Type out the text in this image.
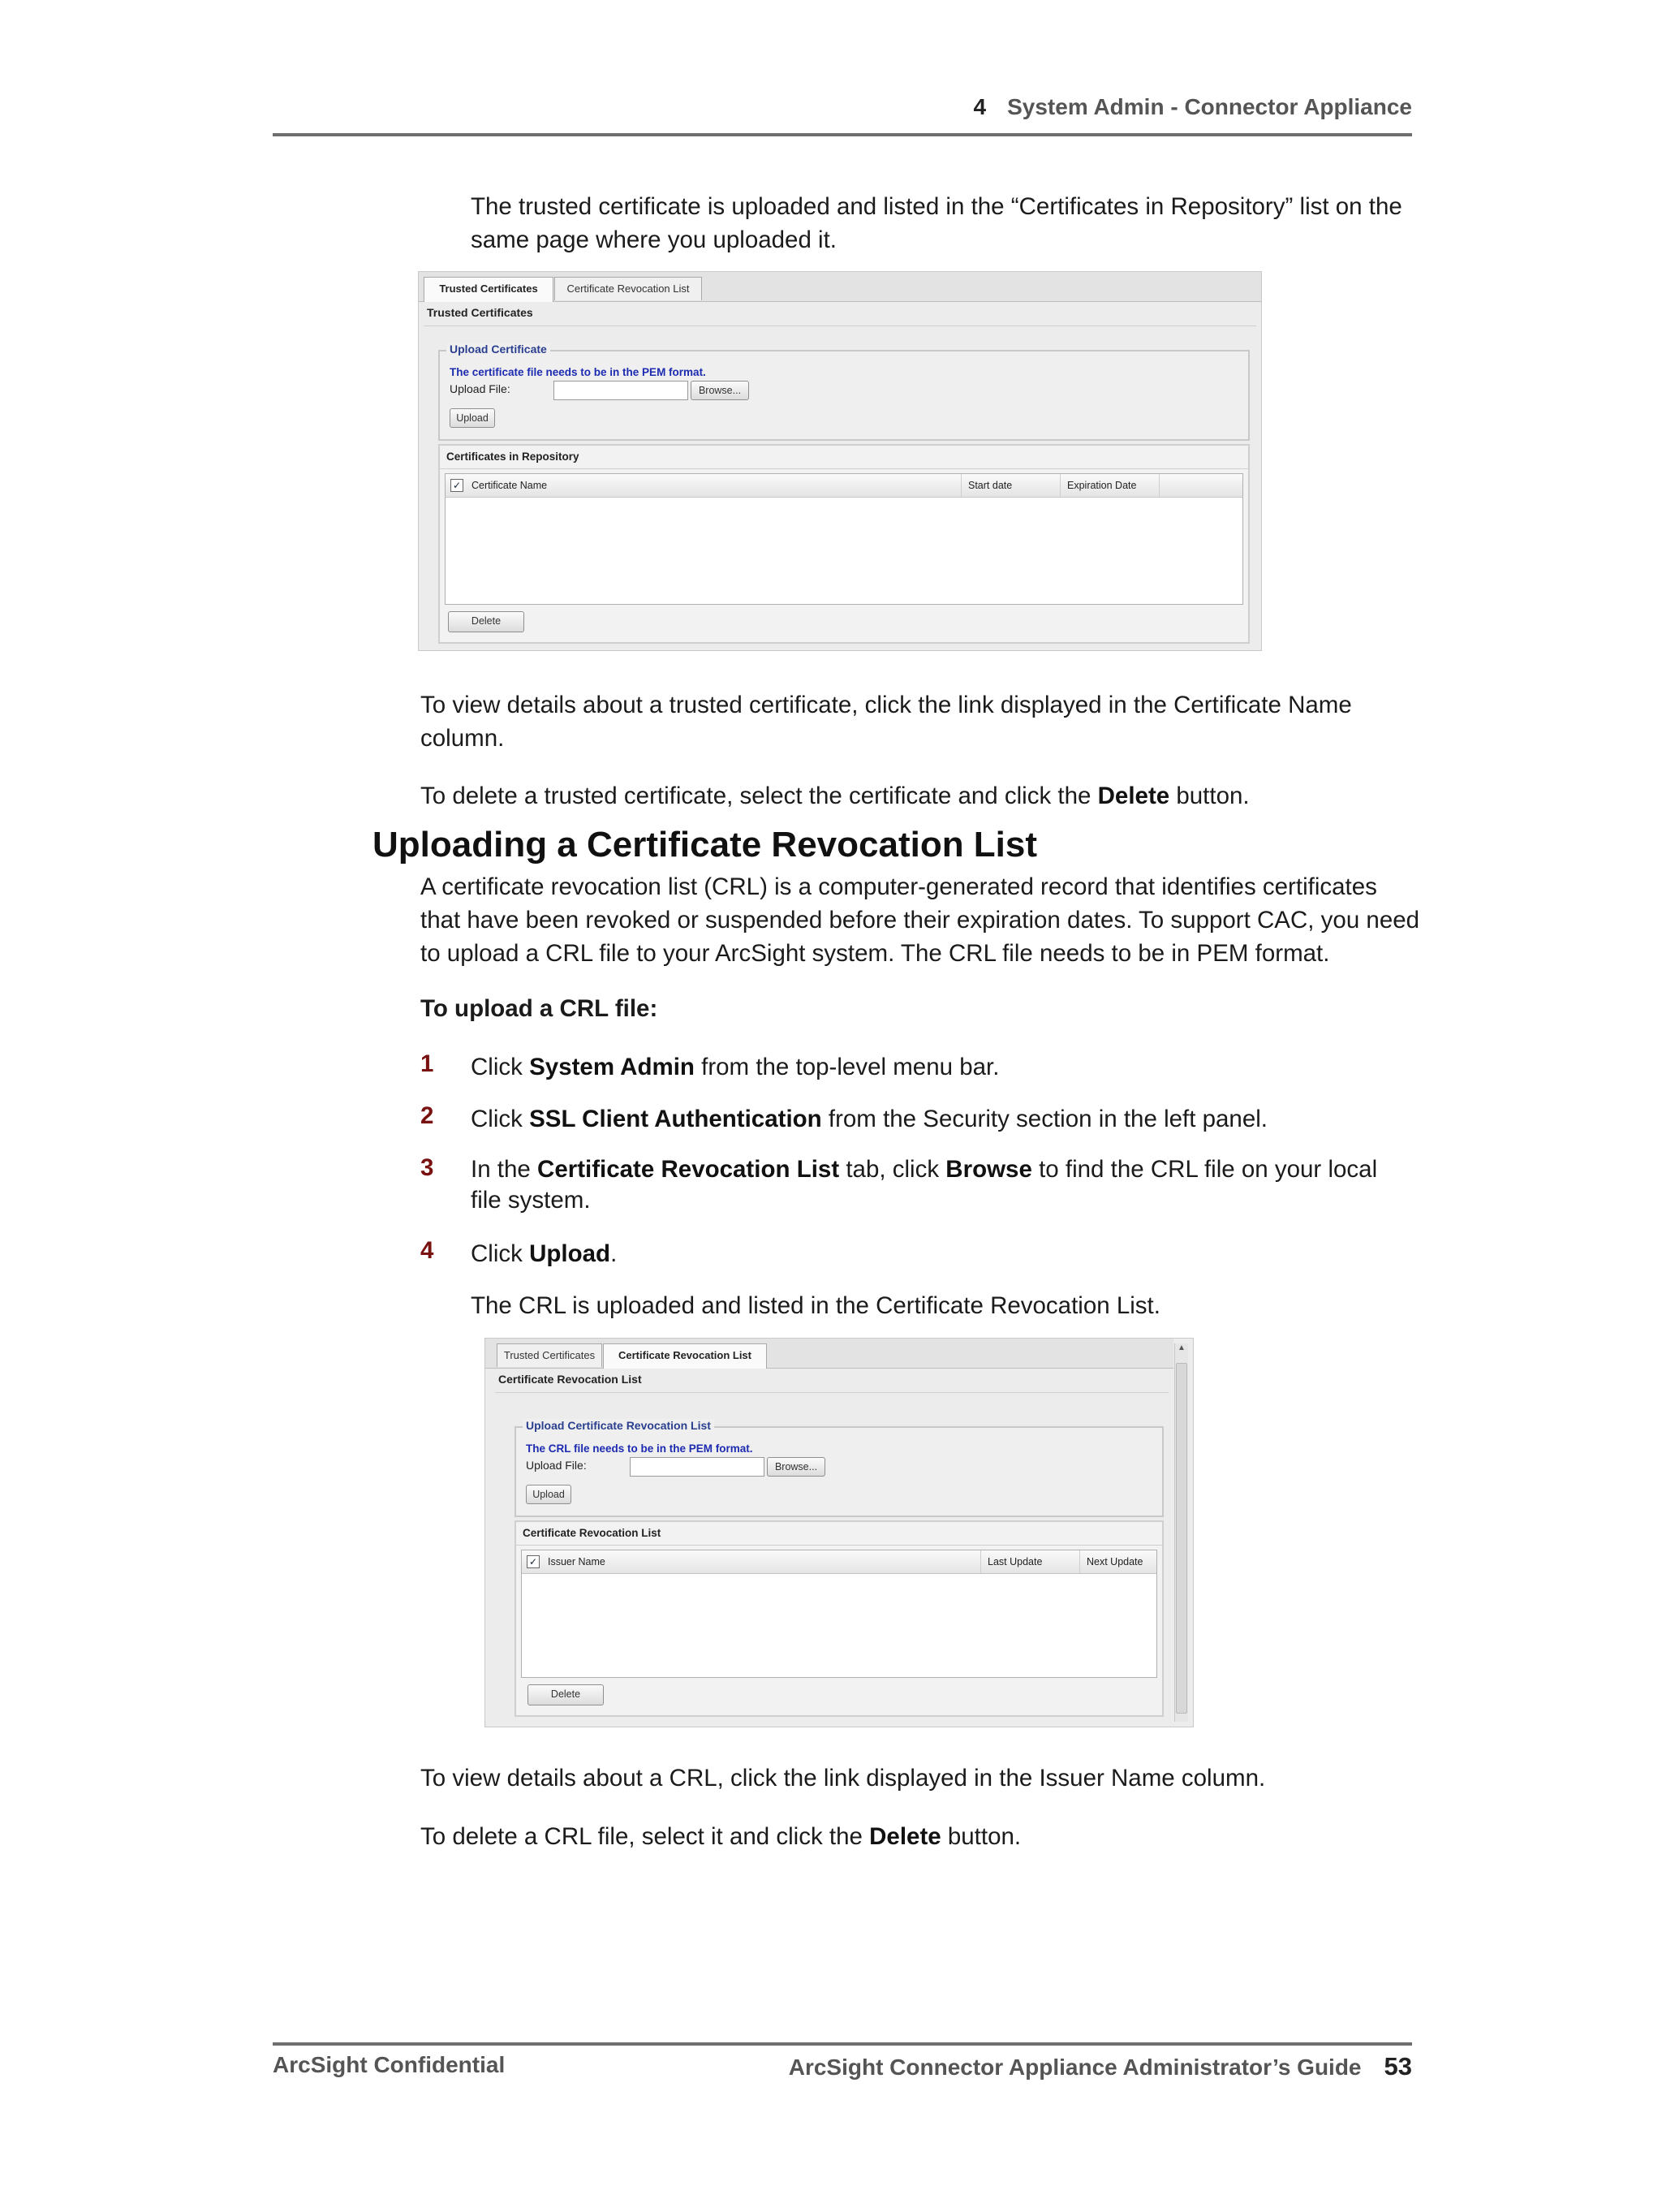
4 System Admin - Connector Appliance
The trusted certificate is uploaded and listed in the “Certificates in Repository” list on the same page where you uploaded it.
Trusted Certificates	Certificate Revocation List
Trusted Certificates
Upload Certificate
The certificate file needs to be in the PEM format.
Upload File:	Browse...
Upload
Certificates in Repository
✓	Certificate Name	Start date	Expiration Date
Delete
To view details about a trusted certificate, click the link displayed in the Certificate Name column.
To delete a trusted certificate, select the certificate and click the Delete button.
Uploading a Certificate Revocation List
A certificate revocation list (CRL) is a computer-generated record that identifies certificates that have been revoked or suspended before their expiration dates. To support CAC, you need to upload a CRL file to your ArcSight system. The CRL file needs to be in PEM format.
To upload a CRL file:
1 Click System Admin from the top-level menu bar.
2 Click SSL Client Authentication from the Security section in the left panel.
3 In the Certificate Revocation List tab, click Browse to find the CRL file on your local file system.
4 Click Upload.
The CRL is uploaded and listed in the Certificate Revocation List.
Trusted Certificates	Certificate Revocation List
▲
Certificate Revocation List
Upload Certificate Revocation List
The CRL file needs to be in the PEM format.
Upload File:	Browse...
Upload
Certificate Revocation List
✓	Issuer Name	Last Update	Next Update
Delete
To view details about a CRL, click the link displayed in the Issuer Name column.
To delete a CRL file, select it and click the Delete button.
ArcSight Confidential	ArcSight Connector Appliance Administrator’s Guide 53
